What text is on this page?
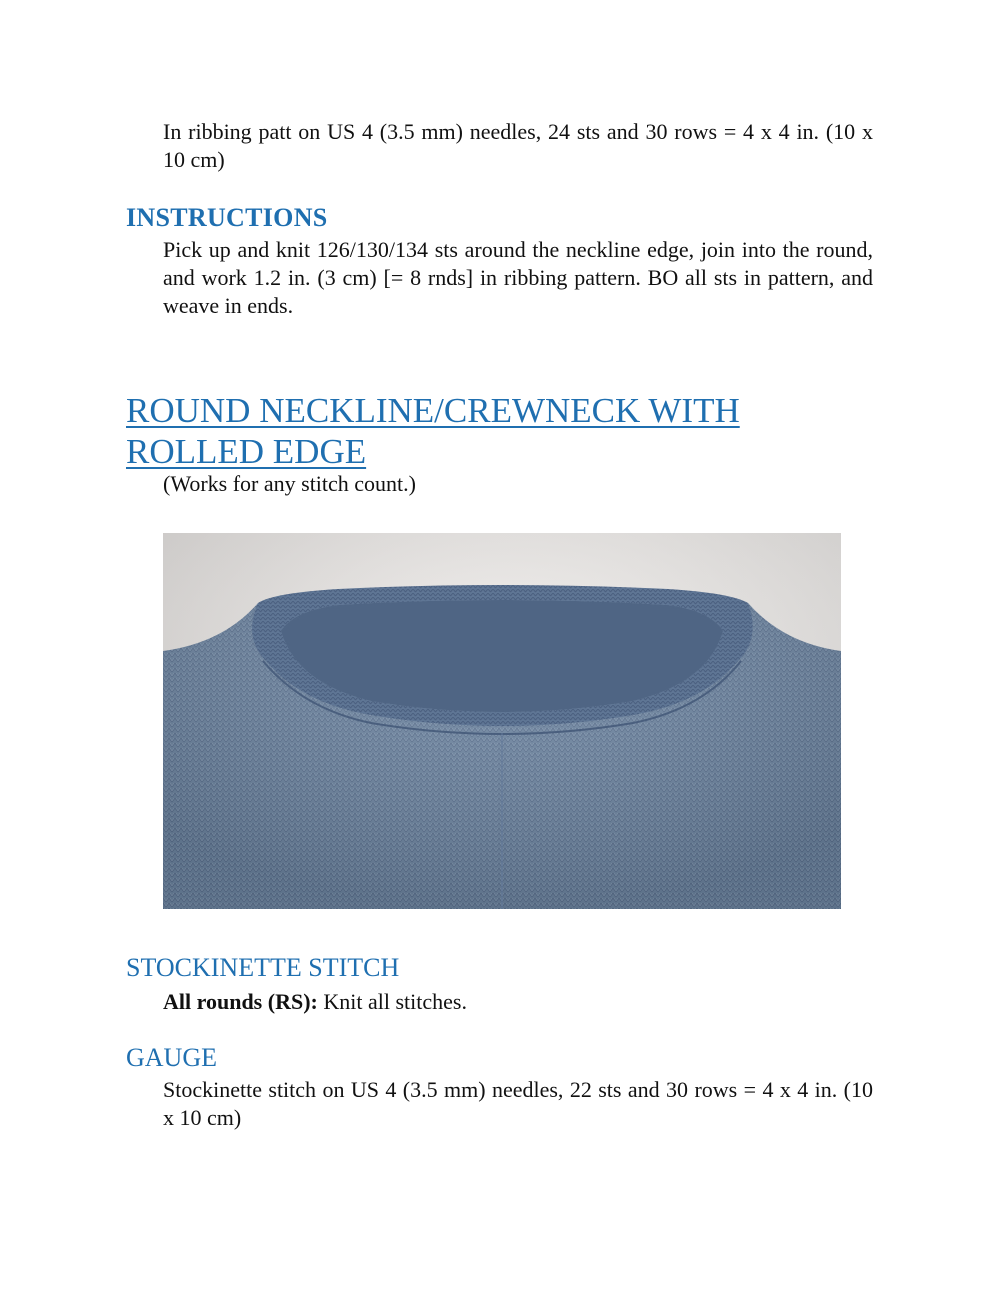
In ribbing patt on US 4 (3.5 mm) needles, 24 sts and 30 rows = 4 x 4 in. (10 x 10 cm)

INSTRUCTIONS

Pick up and knit 126/130/134 sts around the neckline edge, join into the round, and work 1.2 in. (3 cm) [= 8 rnds] in ribbing pattern. BO all sts in pattern, and weave in ends.

ROUND NECKLINE/CREWNECK WITH ROLLED EDGE

(Works for any stitch count.)

STOCKINETTE STITCH

All rounds (RS): Knit all stitches.

GAUGE

Stockinette stitch on US 4 (3.5 mm) needles, 22 sts and 30 rows = 4 x 4 in. (10 x 10 cm)
